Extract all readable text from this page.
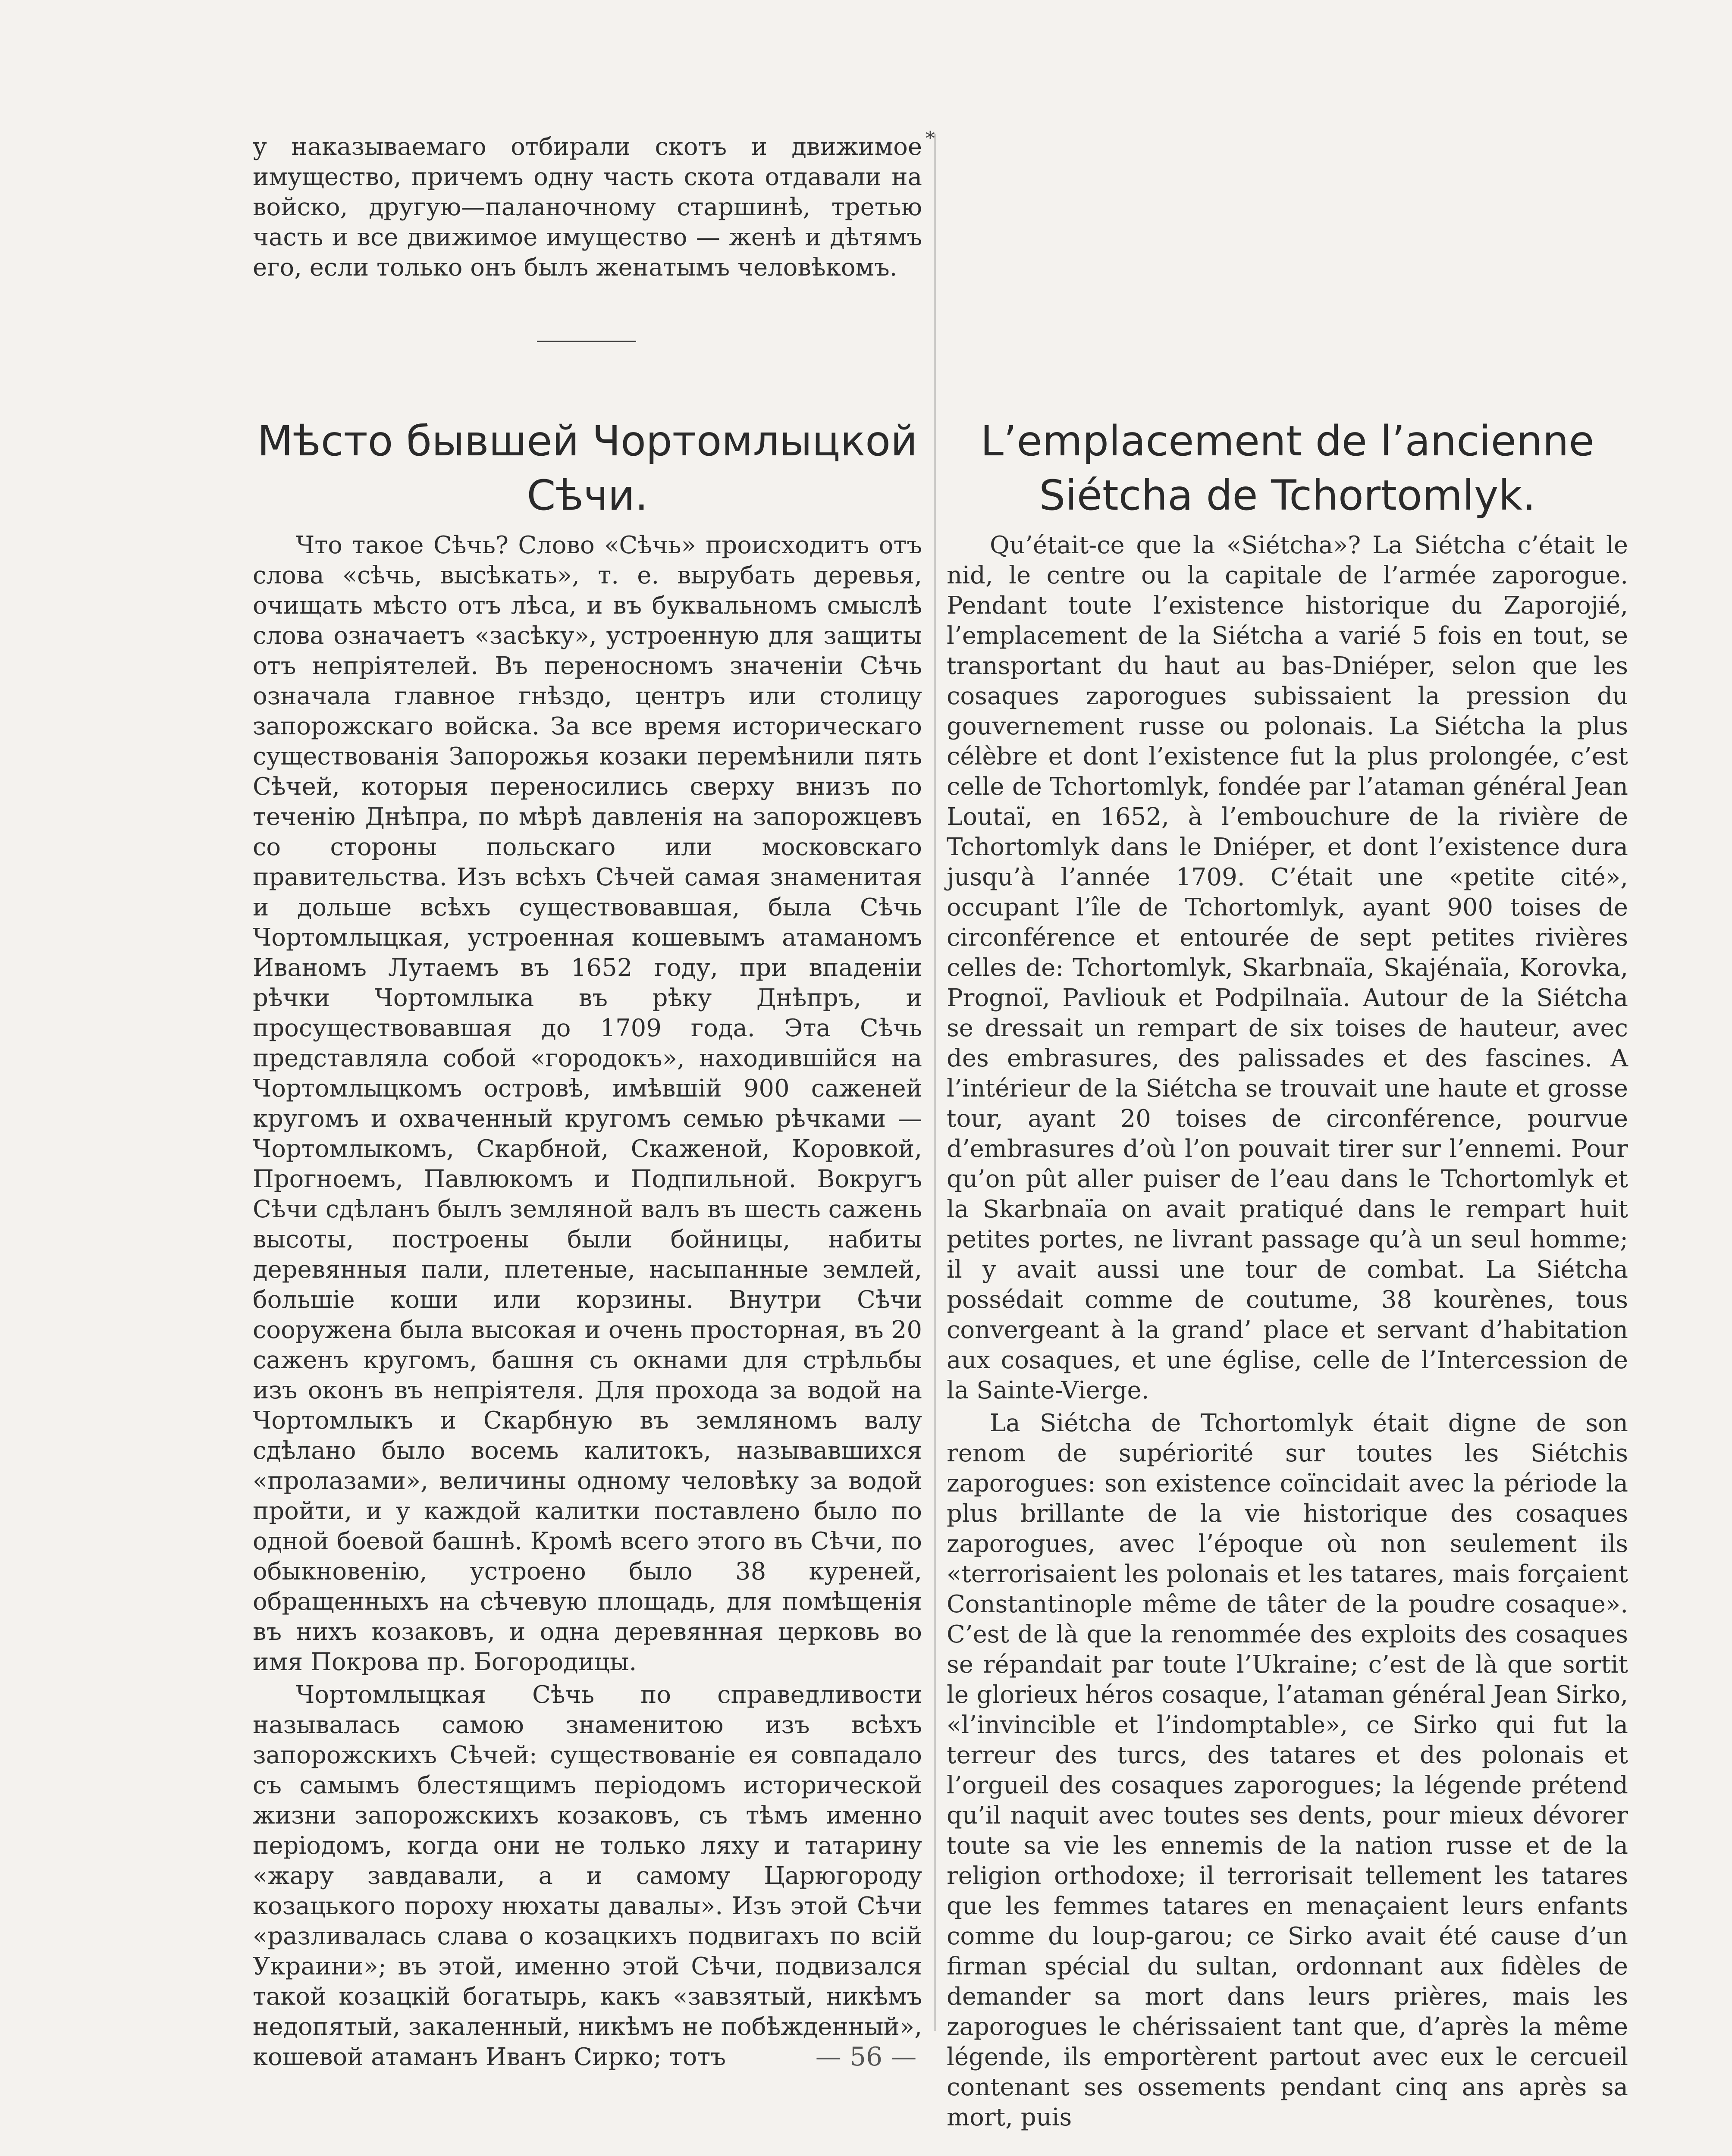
*

у наказываемаго отбирали скотъ и движимое имущество, причемъ одну часть скота отдавали на войско, другую—паланочному старшинѣ, третью часть и все движимое имущество — женѣ и дѣтямъ его, если только онъ былъ женатымъ человѣкомъ.

Мѣсто бывшей Чортомлыцкой Сѣчи.
L’emplacement de l’ancienne Siétcha de Tchortomlyk.

Что такое Сѣчь? Слово «Сѣчь» происходитъ отъ слова «сѣчь, высѣкать», т. е. вырубать деревья, очищать мѣсто отъ лѣса, и въ буквальномъ смыслѣ слова означаетъ «засѣку», устроенную для защиты отъ непріятелей. Въ переносномъ значеніи Сѣчь означала главное гнѣздо, центръ или столицу запорожскаго войска. За все время историческаго существованія Запорожья козаки перемѣнили пять Сѣчей, которыя переносились сверху внизъ по теченію Днѣпра, по мѣрѣ давленія на запорожцевъ со стороны польскаго или московскаго правительства. Изъ всѣхъ Сѣчей самая знаменитая и дольше всѣхъ существовавшая, была Сѣчь Чортомлыцкая, устроенная кошевымъ атаманомъ Иваномъ Лутаемъ въ 1652 году, при впаденіи рѣчки Чортомлыка въ рѣку Днѣпръ, и просуществовавшая до 1709 года. Эта Сѣчь представляла собой «городокъ», находившійся на Чортомлыцкомъ островѣ, имѣвшій 900 саженей кругомъ и охваченный кругомъ семью рѣчками — Чортомлыкомъ, Скарбной, Скаженой, Коровкой, Прогноемъ, Павлюкомъ и Подпильной. Вокругъ Сѣчи сдѣланъ былъ земляной валъ въ шесть сажень высоты, построены были бойницы, набиты деревянныя пали, плетеные, насыпанные землей, большіе коши или корзины. Внутри Сѣчи сооружена была высокая и очень просторная, въ 20 саженъ кругомъ, башня съ окнами для стрѣльбы изъ оконъ въ непріятеля. Для прохода за водой на Чортомлыкъ и Скарбную въ земляномъ валу сдѣлано было восемь калитокъ, называвшихся «пролазами», величины одному человѣку за водой пройти, и у каждой калитки поставлено было по одной боевой башнѣ. Кромѣ всего этого въ Сѣчи, по обыкновенію, устроено было 38 куреней, обращенныхъ на сѣчевую площадь, для помѣщенія въ нихъ козаковъ, и одна деревянная церковь во имя Покрова пр. Богородицы.

Чортомлыцкая Сѣчь по справедливости называлась самою знаменитою изъ всѣхъ запорожскихъ Сѣчей: существованіе ея совпадало съ самымъ блестящимъ періодомъ исторической жизни запорожскихъ козаковъ, съ тѣмъ именно періодомъ, когда они не только ляху и татарину «жару завдавали, а и самому Царюгороду козацького пороху нюхаты давалы». Изъ этой Сѣчи «разливалась слава о козацкихъ подвигахъ по всій Украини»; въ этой, именно этой Сѣчи, подвизался такой козацкій богатырь, какъ «завзятый, никѣмъ недопятый, закаленный, никѣмъ не побѣжденный», кошевой атаманъ Иванъ Сирко; тотъ

Qu’était-ce que la «Siétcha»? La Siétcha c’était le nid, le centre ou la capitale de l’armée zaporogue. Pendant toute l’existence historique du Zaporojié, l’emplacement de la Siétcha a varié 5 fois en tout, se transportant du haut au bas-Dniéper, selon que les cosaques zaporogues subissaient la pression du gouvernement russe ou polonais. La Siétcha la plus célèbre et dont l’existence fut la plus prolongée, c’est celle de Tchortomlyk, fondée par l’ataman général Jean Loutaï, en 1652, à l’embouchure de la rivière de Tchortomlyk dans le Dniéper, et dont l’existence dura jusqu’à l’année 1709. C’était une «petite cité», occupant l’île de Tchortomlyk, ayant 900 toises de circonférence et entourée de sept petites rivières celles de: Tchortomlyk, Skarbnaïa, Skajénaïa, Korovka, Prognoï, Pavliouk et Podpilnaïa. Autour de la Siétcha se dressait un rempart de six toises de hauteur, avec des embrasures, des palissades et des fascines. A l’intérieur de la Siétcha se trouvait une haute et grosse tour, ayant 20 toises de circonférence, pourvue d’embrasures d’où l’on pouvait tirer sur l’ennemi. Pour qu’on pût aller puiser de l’eau dans le Tchortomlyk et la Skarbnaïa on avait pratiqué dans le rempart huit petites portes, ne livrant passage qu’à un seul homme; il y avait aussi une tour de combat. La Siétcha possédait comme de coutume, 38 kourènes, tous convergeant à la grand’ place et servant d’habitation aux cosaques, et une église, celle de l’Intercession de la Sainte-Vierge.

La Siétcha de Tchortomlyk était digne de son renom de supériorité sur toutes les Siétchis zaporogues: son existence coïncidait avec la période la plus brillante de la vie historique des cosaques zaporogues, avec l’époque où non seulement ils «terrorisaient les polonais et les tatares, mais forçaient Constantinople même de tâter de la poudre cosaque». C’est de là que la renommée des exploits des cosaques se répandait par toute l’Ukraine; c’est de là que sortit le glorieux héros cosaque, l’ataman général Jean Sirko, «l’invincible et l’indomptable», ce Sirko qui fut la terreur des turcs, des tatares et des polonais et l’orgueil des cosaques zaporogues; la légende prétend qu’il naquit avec toutes ses dents, pour mieux dévorer toute sa vie les ennemis de la nation russe et de la religion orthodoxe; il terrorisait tellement les tatares que les femmes tatares en menaçaient leurs enfants comme du loup-garou; ce Sirko avait été cause d’un firman spécial du sultan, ordonnant aux fidèles de demander sa mort dans leurs prières, mais les zaporogues le chérissaient tant que, d’après la même légende, ils emportèrent partout avec eux le cercueil contenant ses ossements pendant cinq ans après sa mort, puis

— 56 —
